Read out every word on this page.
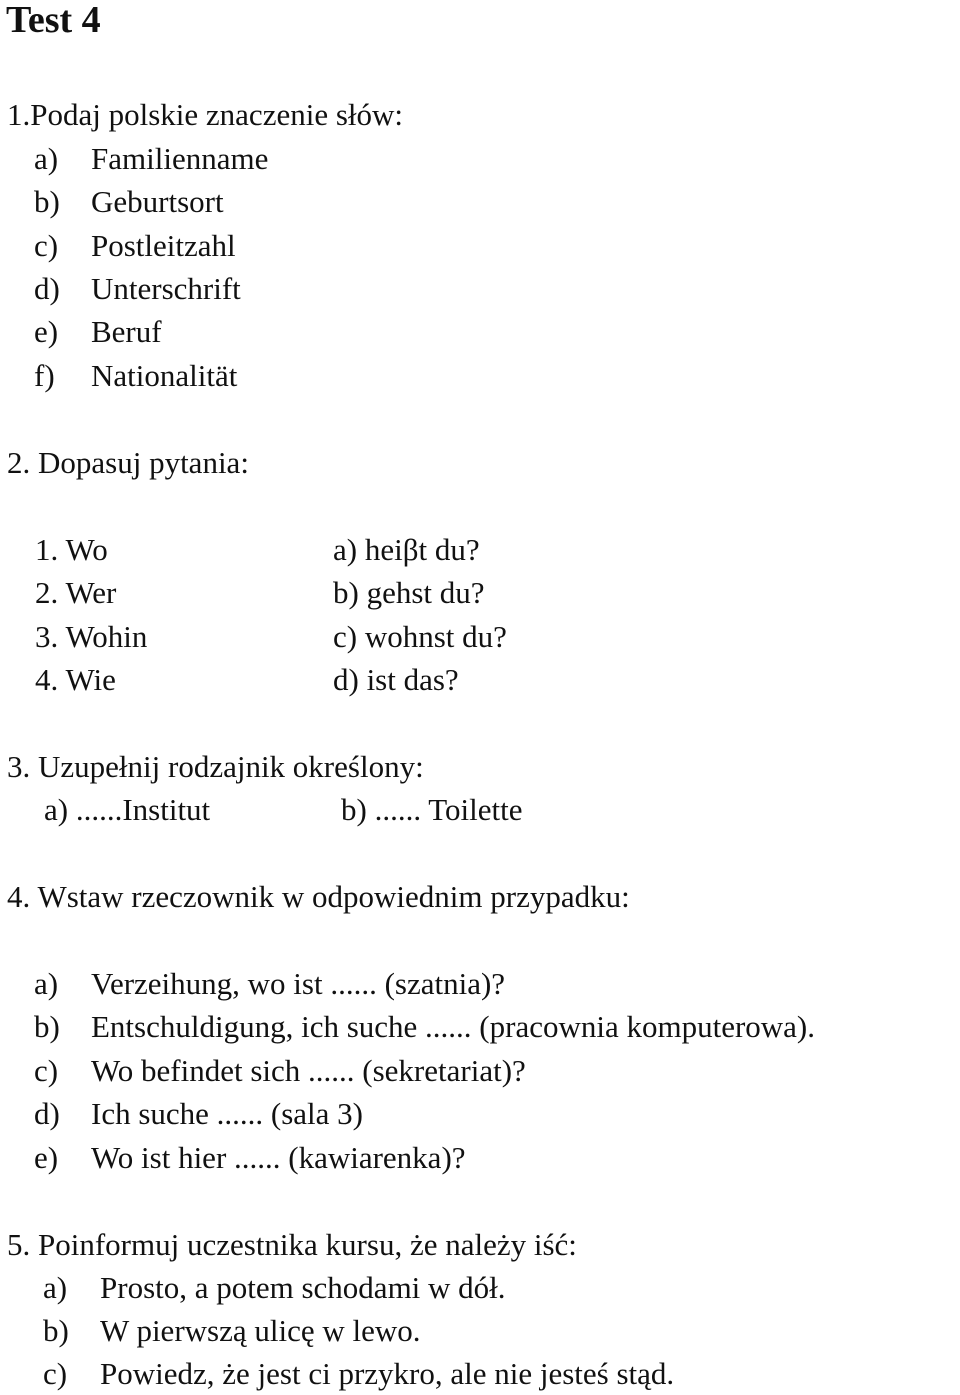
Test 4
1.Podaj polskie znaczenie słów:
a) Familienname
b) Geburtsort
c) Postleitzahl
d) Unterschrift
e) Beruf
f) Nationalität
2. Dopasuj pytania:
1. Wo	a) heiβt du?
2. Wer	b) gehst du?
3. Wohin	c) wohnst du?
4. Wie	d) ist das?
3. Uzupełnij rodzajnik określony:
a) ......Institut	b) ...... Toilette
4. Wstaw rzeczownik w odpowiednim przypadku:
a) Verzeihung, wo ist ...... (szatnia)?
b) Entschuldigung, ich suche ...... (pracownia komputerowa).
c) Wo befindet sich ...... (sekretariat)?
d) Ich suche ...... (sala 3)
e) Wo ist hier ...... (kawiarenka)?
5. Poinformuj uczestnika kursu, że należy iść:
a) Prosto, a potem schodami w dół.
b) W pierwszą ulicę w lewo.
c) Powiedz, że jest ci przykro, ale nie jesteś stąd.
